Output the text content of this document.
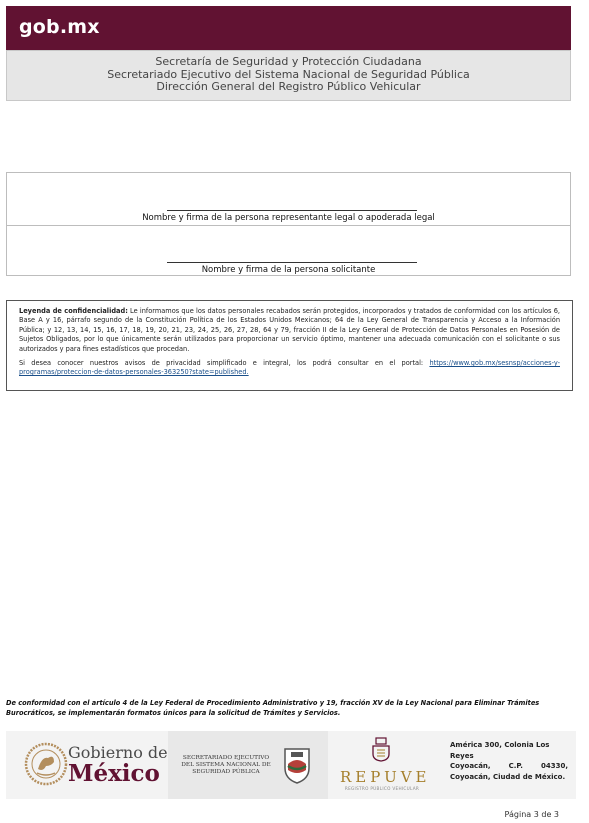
gob.mx
Secretaría de Seguridad y Protección Ciudadana
Secretariado Ejecutivo del Sistema Nacional de Seguridad Pública
Dirección General del Registro Público Vehicular
Nombre y firma de la persona representante legal o apoderada legal
Nombre y firma de la persona solicitante

Leyenda de confidencialidad: Le informamos que los datos personales recabados serán protegidos, incorporados y tratados de conformidad con los artículos 6, Base A y 16, párrafo segundo de la Constitución Política de los Estados Unidos Mexicanos; 64 de la Ley General de Transparencia y Acceso a la Información Pública; y 12, 13, 14, 15, 16, 17, 18, 19, 20, 21, 23, 24, 25, 26, 27, 28, 64 y 79, fracción II de la Ley General de Protección de Datos Personales en Posesión de Sujetos Obligados, por lo que únicamente serán utilizados para proporcionar un servicio óptimo, mantener una adecuada comunicación con el solicitante o sus autorizados y para fines estadísticos que procedan.

Si desea conocer nuestros avisos de privacidad simplificado e integral, los podrá consultar en el portal: https://www.gob.mx/sesnsp/acciones-y-programas/proteccion-de-datos-personales-363250?state=published.

De conformidad con el artículo 4 de la Ley Federal de Procedimiento Administrativo y 19, fracción XV de la Ley Nacional para Eliminar Trámites Burocráticos, se implementarán formatos únicos para la solicitud de Trámites y Servicios.
Gobierno de
México
SECRETARIADO EJECUTIVO DEL SISTEMA NACIONAL DE SEGURIDAD PÚBLICA	REPUVE
REGISTRO PÚBLICO VEHICULAR
América 300, Colonia Los Reyes
Coyoacán,	C.P.	04330,
Coyoacán, Ciudad de México.
Página 3 de 3
